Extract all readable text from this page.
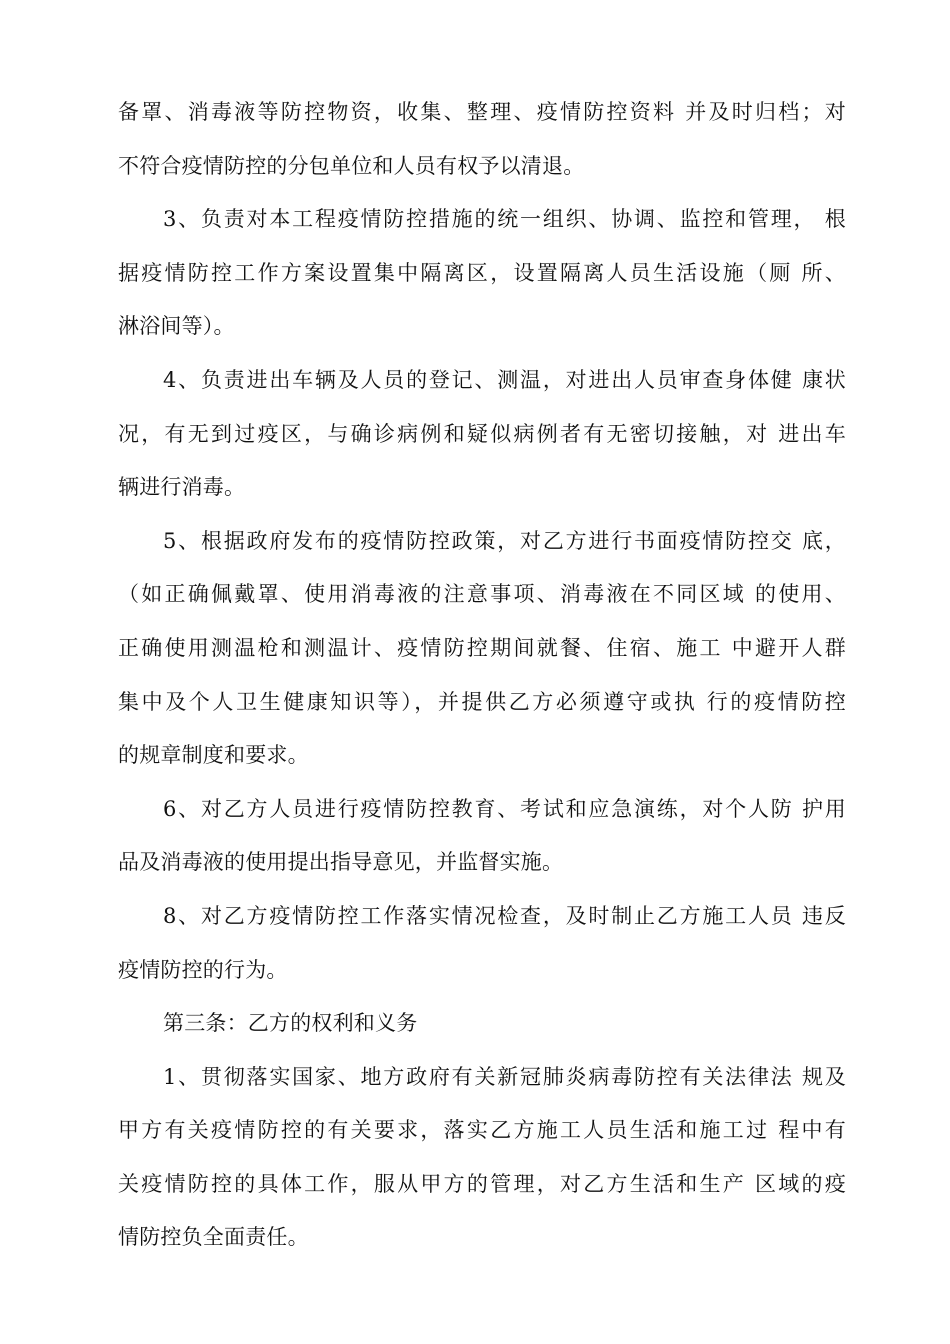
备罩、消毒液等防控物资，收集、整理、疫情防控资料 并及时归档；对
不符合疫情防控的分包单位和人员有权予以清退。
3、负责对本工程疫情防控措施的统一组织、协调、监控和管理， 根
据疫情防控工作方案设置集中隔离区，设置隔离人员生活设施（厕 所、
淋浴间等）。
4、负责进出车辆及人员的登记、测温，对进出人员审查身体健 康状
况，有无到过疫区，与确诊病例和疑似病例者有无密切接触，对 进出车
辆进行消毒。
5、根据政府发布的疫情防控政策，对乙方进行书面疫情防控交 底，
（如正确佩戴罩、使用消毒液的注意事项、消毒液在不同区域 的使用、
正确使用测温枪和测温计、疫情防控期间就餐、住宿、施工 中避开人群
集中及个人卫生健康知识等），并提供乙方必须遵守或执 行的疫情防控
的规章制度和要求。
6、对乙方人员进行疫情防控教育、考试和应急演练，对个人防 护用
品及消毒液的使用提出指导意见，并监督实施。
8、对乙方疫情防控工作落实情况检查，及时制止乙方施工人员 违反
疫情防控的行为。
第三条：乙方的权利和义务
1、贯彻落实国家、地方政府有关新冠肺炎病毒防控有关法律法 规及
甲方有关疫情防控的有关要求，落实乙方施工人员生活和施工过 程中有
关疫情防控的具体工作，服从甲方的管理，对乙方生活和生产 区域的疫
情防控负全面责任。
